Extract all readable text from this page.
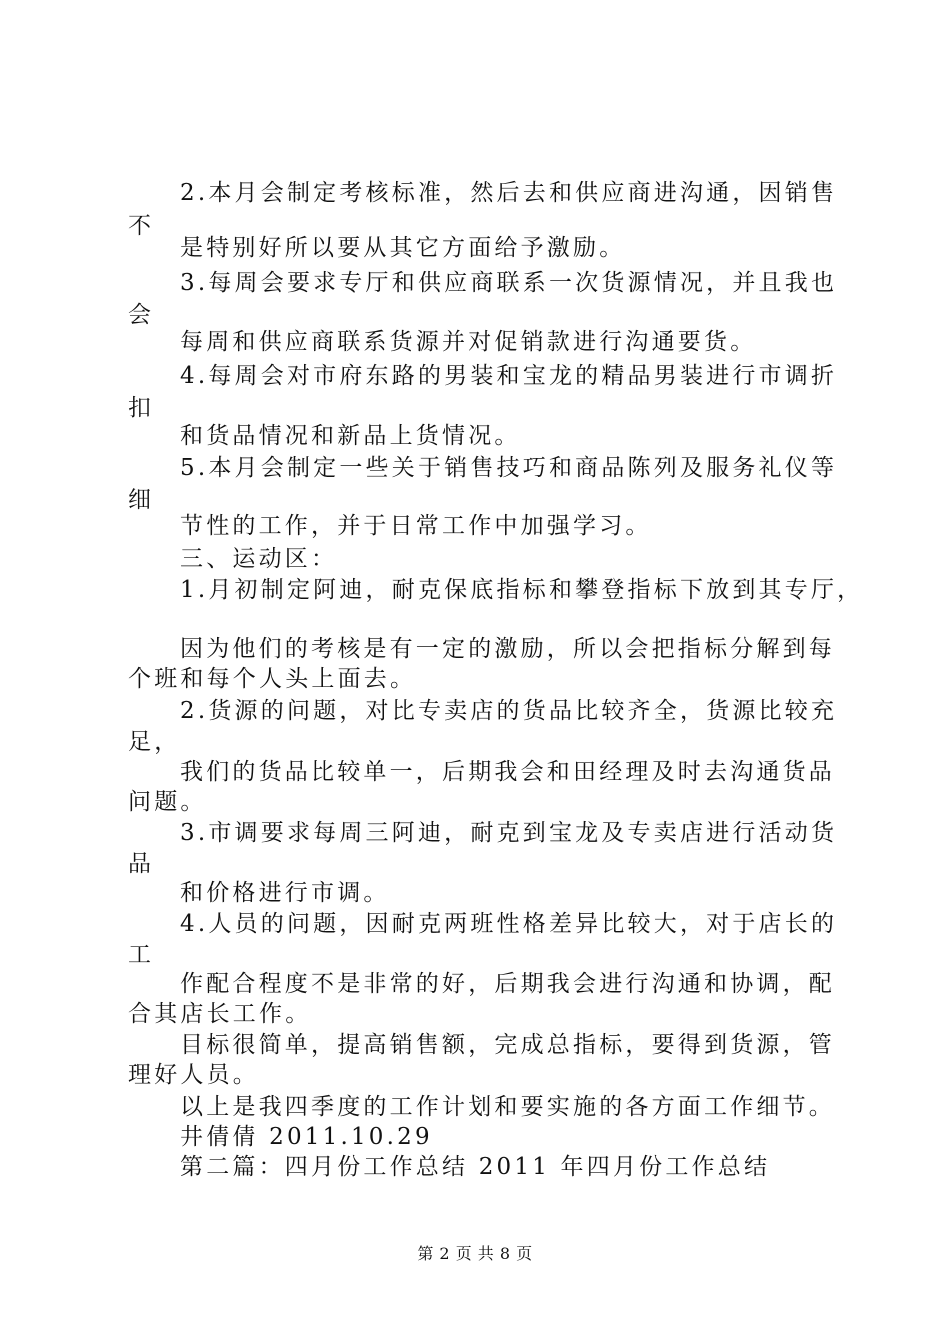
2.本月会制定考核标准，然后去和供应商进沟通，因销售
不
是特别好所以要从其它方面给予激励。
3.每周会要求专厅和供应商联系一次货源情况，并且我也
会
每周和供应商联系货源并对促销款进行沟通要货。
4.每周会对市府东路的男装和宝龙的精品男装进行市调折
扣
和货品情况和新品上货情况。
5.本月会制定一些关于销售技巧和商品陈列及服务礼仪等
细
节性的工作，并于日常工作中加强学习。
三、运动区：
1.月初制定阿迪，耐克保底指标和攀登指标下放到其专厅，
因为他们的考核是有一定的激励，所以会把指标分解到每
个班和每个人头上面去。
2.货源的问题，对比专卖店的货品比较齐全，货源比较充
足，
我们的货品比较单一，后期我会和田经理及时去沟通货品
问题。
3.市调要求每周三阿迪，耐克到宝龙及专卖店进行活动货
品
和价格进行市调。
4.人员的问题，因耐克两班性格差异比较大，对于店长的
工
作配合程度不是非常的好，后期我会进行沟通和协调，配
合其店长工作。
目标很简单，提高销售额，完成总指标，要得到货源，管
理好人员。
以上是我四季度的工作计划和要实施的各方面工作细节。
井倩倩 2011.10.29
第二篇：四月份工作总结 2011 年四月份工作总结
第 2 页 共 8 页
